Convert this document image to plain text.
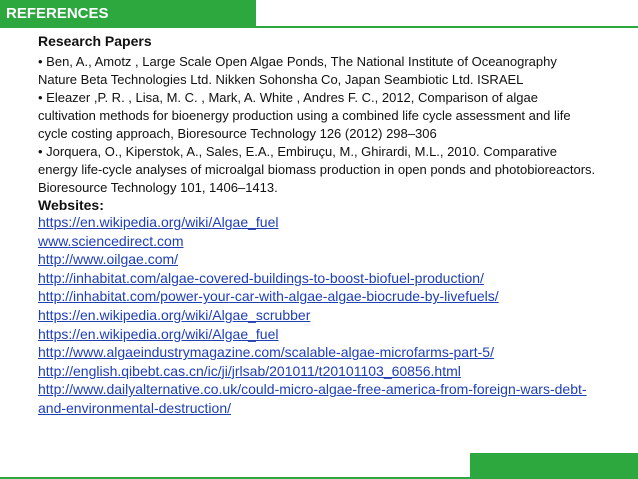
REFERENCES
Research Papers

• Ben, A., Amotz , Large Scale Open Algae Ponds, The National Institute of Oceanography Nature Beta Technologies Ltd. Nikken Sohonsha Co, Japan Seambiotic Ltd. ISRAEL

• Eleazer ,P. R. , Lisa, M. C. , Mark, A. White , Andres F. C., 2012, Comparison of algae cultivation methods for bioenergy production using a combined life cycle assessment and life cycle costing approach, Bioresource Technology 126 (2012) 298–306

• Jorquera, O., Kiperstok, A., Sales, E.A., Embiruçu, M., Ghirardi, M.L., 2010. Comparative energy life-cycle analyses of microalgal biomass production in open ponds and photobioreactors. Bioresource Technology 101, 1406–1413.

Websites:
https://en.wikipedia.org/wiki/Algae_fuel
www.sciencedirect.com
http://www.oilgae.com/
http://inhabitat.com/algae-covered-buildings-to-boost-biofuel-production/
http://inhabitat.com/power-your-car-with-algae-algae-biocrude-by-livefuels/
https://en.wikipedia.org/wiki/Algae_scrubber
https://en.wikipedia.org/wiki/Algae_fuel
http://www.algaeindustrymagazine.com/scalable-algae-microfarms-part-5/
http://english.qibebt.cas.cn/ic/ji/jrlsab/201011/t20101103_60856.html
http://www.dailyalternative.co.uk/could-micro-algae-free-america-from-foreign-wars-debt-and-environmental-destruction/
